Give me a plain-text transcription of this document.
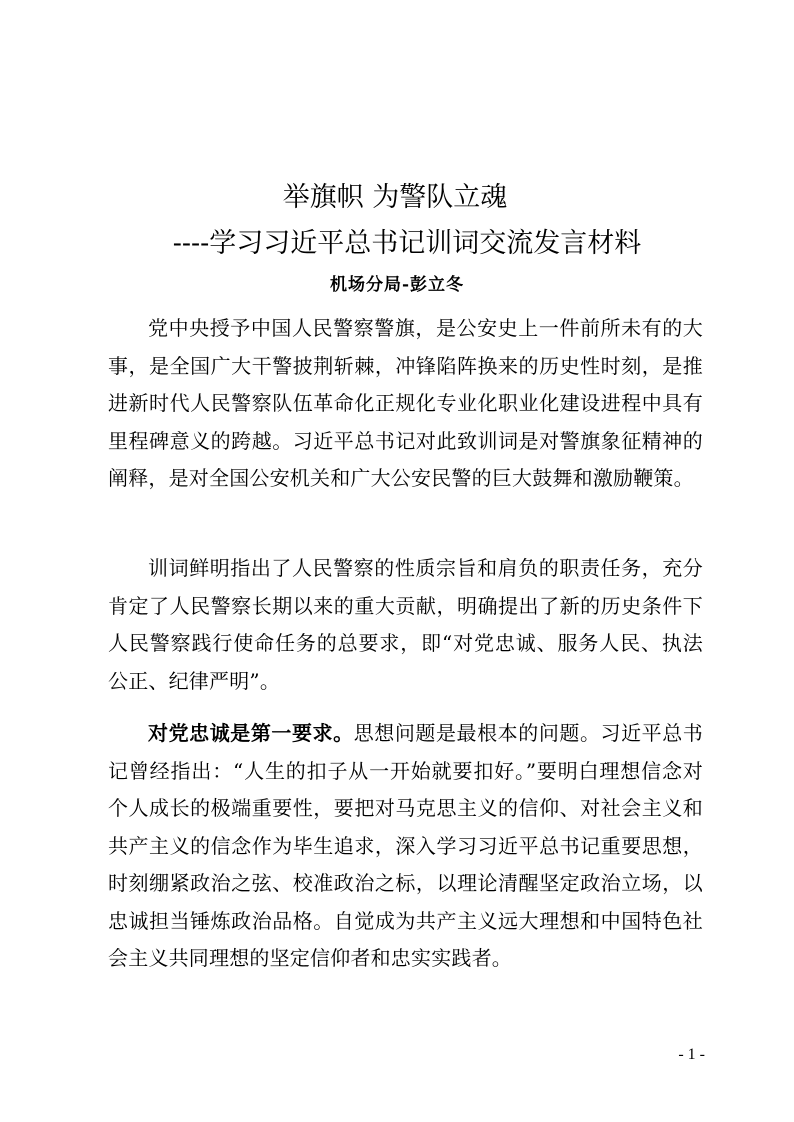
举旗帜 为警队立魂
----学习习近平总书记训词交流发言材料
机场分局-彭立冬

党中央授予中国人民警察警旗，是公安史上一件前所未有的大事，是全国广大干警披荆斩棘，冲锋陷阵换来的历史性时刻，是推进新时代人民警察队伍革命化正规化专业化职业化建设进程中具有里程碑意义的跨越。习近平总书记对此致训词是对警旗象征精神的阐释，是对全国公安机关和广大公安民警的巨大鼓舞和激励鞭策。

训词鲜明指出了人民警察的性质宗旨和肩负的职责任务，充分肯定了人民警察长期以来的重大贡献，明确提出了新的历史条件下人民警察践行使命任务的总要求，即“对党忠诚、服务人民、执法公正、纪律严明”。

对党忠诚是第一要求。思想问题是最根本的问题。习近平总书记曾经指出：“人生的扣子从一开始就要扣好。”要明白理想信念对个人成长的极端重要性，要把对马克思主义的信仰、对社会主义和共产主义的信念作为毕生追求，深入学习习近平总书记重要思想，时刻绷紧政治之弦、校准政治之标，以理论清醒坚定政治立场，以忠诚担当锤炼政治品格。自觉成为共产主义远大理想和中国特色社会主义共同理想的坚定信仰者和忠实实践者。

- 1 -
